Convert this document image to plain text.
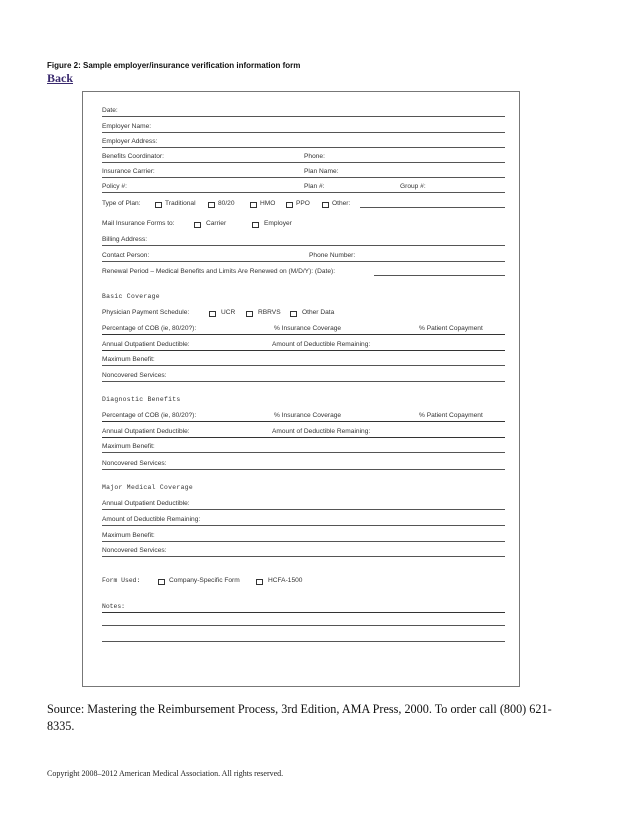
Figure 2: Sample employer/insurance verification information form
Back
Date:
Employer Name:
Employer Address:
Benefits Coordinator:	Phone:
Insurance Carrier:	Plan Name:
Policy #:	Plan #:	Group #:
Type of Plan:	Traditional	80/20	HMO	PPO	Other:
Mail Insurance Forms to:	Carrier	Employer
Billing Address:
Contact Person:	Phone Number:
Renewal Period – Medical Benefits and Limits Are Renewed on (M/D/Y): (Date):
Basic Coverage
Physician Payment Schedule:	UCR	RBRVS	Other Data
Percentage of COB (ie, 80/20?):	% Insurance Coverage	% Patient Copayment
Annual Outpatient Deductible:	Amount of Deductible Remaining:
Maximum Benefit:
Noncovered Services:
Diagnostic Benefits
Percentage of COB (ie, 80/20?):	% Insurance Coverage	% Patient Copayment
Annual Outpatient Deductible:	Amount of Deductible Remaining:
Maximum Benefit:
Noncovered Services:
Major Medical Coverage
Annual Outpatient Deductible:
Amount of Deductible Remaining:
Maximum Benefit:
Noncovered Services:
Form Used:	Company-Specific Form	HCFA-1500
Notes:
Source: Mastering the Reimbursement Process, 3rd Edition, AMA Press, 2000. To order call (800) 621-8335.
Copyright 2008–2012 American Medical Association. All rights reserved.
